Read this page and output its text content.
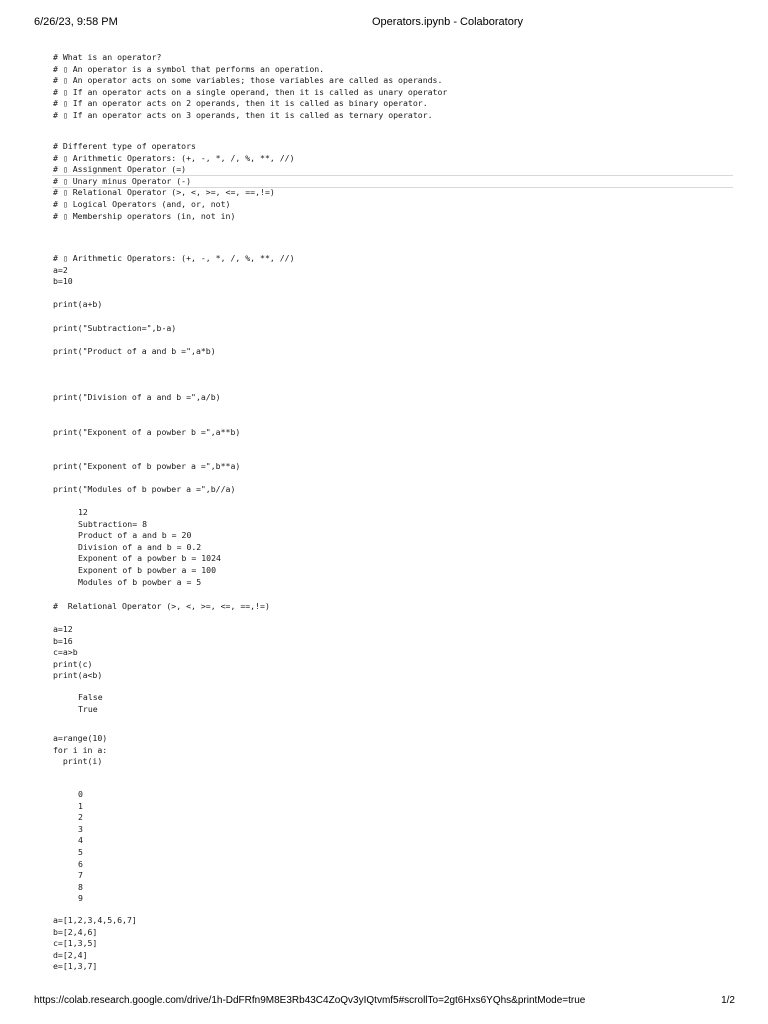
6/26/23, 9:58 PM	Operators.ipynb - Colaboratory
# What is an operator?
# ▯ An operator is a symbol that performs an operation.
# ▯ An operator acts on some variables; those variables are called as operands.
# ▯ If an operator acts on a single operand, then it is called as unary operator
# ▯ If an operator acts on 2 operands, then it is called as binary operator.
# ▯ If an operator acts on 3 operands, then it is called as ternary operator.
# Different type of operators
# ▯ Arithmetic Operators: (+, -, *, /, %, **, //)
# ▯ Assignment Operator (=)
# ▯ Unary minus Operator (-)
# ▯ Relational Operator (>, <, >=, <=, ==,!=)
# ▯ Logical Operators (and, or, not)
# ▯ Membership operators (in, not in)
# ▯ Arithmetic Operators: (+, -, *, /, %, **, //)
a=2
b=10

print(a+b)

print("Subtraction=",b-a)

print("Product of a and b =",a*b)
print("Division of a and b =",a/b)
print("Exponent of a powber b =",a**b)
print("Exponent of b powber a =",b**a)

print("Modules of b powber a =",b//a)
12
Subtraction= 8
Product of a and b = 20
Division of a and b = 0.2
Exponent of a powber b = 1024
Exponent of b powber a = 100
Modules of b powber a = 5
#  Relational Operator (>, <, >=, <=, ==,!=)
a=12
b=16
c=a>b
print(c)
print(a<b)
False
True
a=range(10)
for i in a:
print(i)
0
1
2
3
4
5
6
7
8
9
a=[1,2,3,4,5,6,7]
b=[2,4,6]
c=[1,3,5]
d=[2,4]
e=[1,3,7]
https://colab.research.google.com/drive/1h-DdFRfn9M8E3Rb43C4ZoQv3yIQtvmf5#scrollTo=2gt6Hxs6YQhs&printMode=true	1/2
